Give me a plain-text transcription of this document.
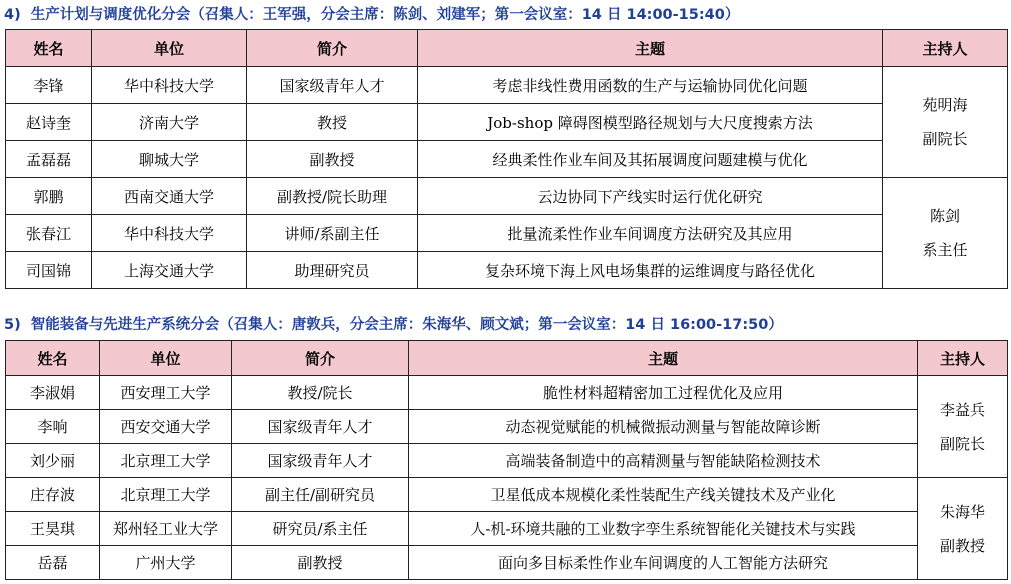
4) 生产计划与调度优化分会（召集人：王军强，分会主席：陈剑、刘建军；第一会议室：14 日 14:00-15:40）
姓名	单位	简介	主题	主持人
李锋	华中科技大学	国家级青年人才	考虑非线性费用函数的生产与运输协同优化问题	苑明海
副院长

赵诗奎	济南大学	教授	Job-shop 障碍图模型路径规划与大尺度搜索方法	
孟磊磊	聊城大学	副教授	经典柔性作业车间及其拓展调度问题建模与优化	
郭鹏	西南交通大学	副教授/院长助理	云边协同下产线实时运行优化研究	陈剑
系主任

张春江	华中科技大学	讲师/系副主任	批量流柔性作业车间调度方法研究及其应用	
司国锦	上海交通大学	助理研究员	复杂环境下海上风电场集群的运维调度与路径优化	
5) 智能装备与先进生产系统分会（召集人：唐敦兵，分会主席：朱海华、顾文斌；第一会议室：14 日 16:00-17:50）
姓名	单位	简介	主题	主持人
李淑娟	西安理工大学	教授/院长	脆性材料超精密加工过程优化及应用	李益兵
副院长

李响	西安交通大学	国家级青年人才	动态视觉赋能的机械微振动测量与智能故障诊断	
刘少丽	北京理工大学	国家级青年人才	高端装备制造中的高精测量与智能缺陷检测技术	
庄存波	北京理工大学	副主任/副研究员	卫星低成本规模化柔性装配生产线关键技术及产业化	朱海华
副教授

王昊琪	郑州轻工业大学	研究员/系主任	人-机-环境共融的工业数字孪生系统智能化关键技术与实践	
岳磊	广州大学	副教授	面向多目标柔性作业车间调度的人工智能方法研究	
